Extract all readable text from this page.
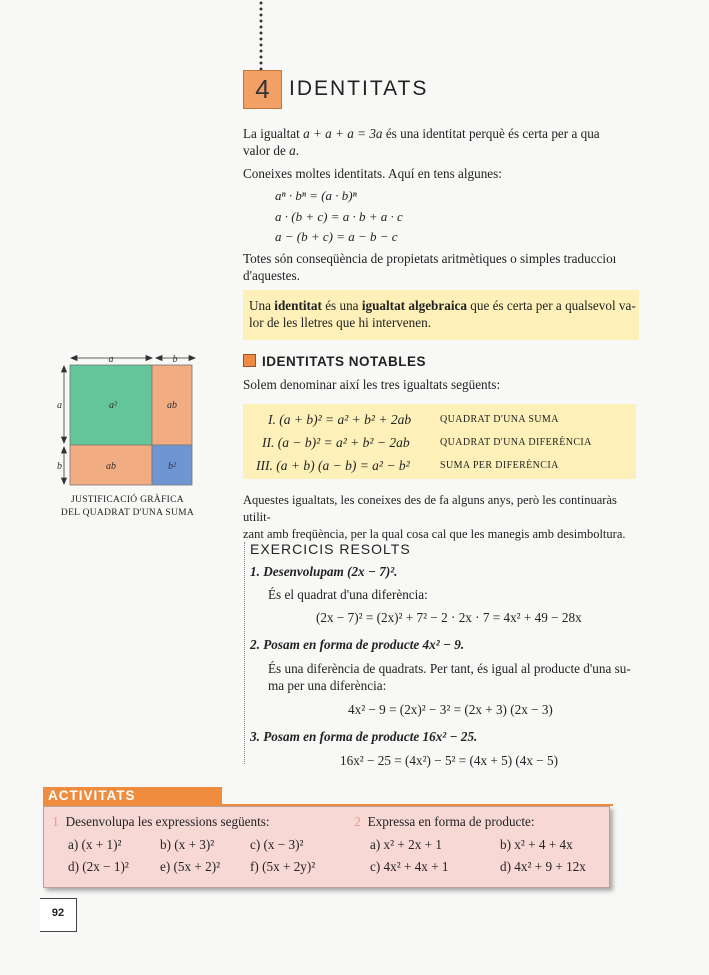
4 IDENTITATS
La igualtat a + a + a = 3a és una identitat perquè és certa per a qua
valor de a.
Coneixes moltes identitats. Aquí en tens algunes:
aⁿ · bⁿ = (a · b)ⁿ
a · (b + c) = a · b + a · c
a − (b + c) = a − b − c
Totes són conseqüència de propietats aritmètiques o simples traduccioı
d'aquestes.
Una identitat és una igualtat algebraica que és certa per a qualsevol va-
lor de les lletres que hi intervenen.
a	b
a
b
a²	ab
ab	b²
JUSTIFICACIÓ GRÀFICA
DEL QUADRAT D'UNA SUMA
IDENTITATS NOTABLES
Solem denominar així les tres igualtats següents:
I. (a + b)² = a² + b² + 2ab	QUADRAT D'UNA SUMA
II. (a − b)² = a² + b² − 2ab	QUADRAT D'UNA DIFERÈNCIA
III. (a + b) (a − b) = a² − b²	SUMA PER DIFERÈNCIA
Aquestes igualtats, les coneixes des de fa alguns anys, però les continuaràs utilit-
zant amb freqüència, per la qual cosa cal que les manegis amb desimboltura.
EXERCICIS RESOLTS
1. Desenvolupam (2x − 7)².
És el quadrat d'una diferència:
(2x − 7)² = (2x)² + 7² − 2 · 2x · 7 = 4x² + 49 − 28x
2. Posam en forma de producte 4x² − 9.
És una diferència de quadrats. Per tant, és igual al producte d'una su-
ma per una diferència:
4x² − 9 = (2x)² − 3² = (2x + 3) (2x − 3)
3. Posam en forma de producte 16x² − 25.
16x² − 25 = (4x²) − 5² = (4x + 5) (4x − 5)
ACTIVITATS
1 Desenvolupa les expressions següents:
a) (x + 1)²	b) (x + 3)²	c) (x − 3)²
d) (2x − 1)² e) (5x + 2)² f) (5x + 2y)²
2 Expressa en forma de producte:
a) x² + 2x + 1	b) x² + 4 + 4x
c) 4x² + 4x + 1	d) 4x² + 9 + 12x
92
